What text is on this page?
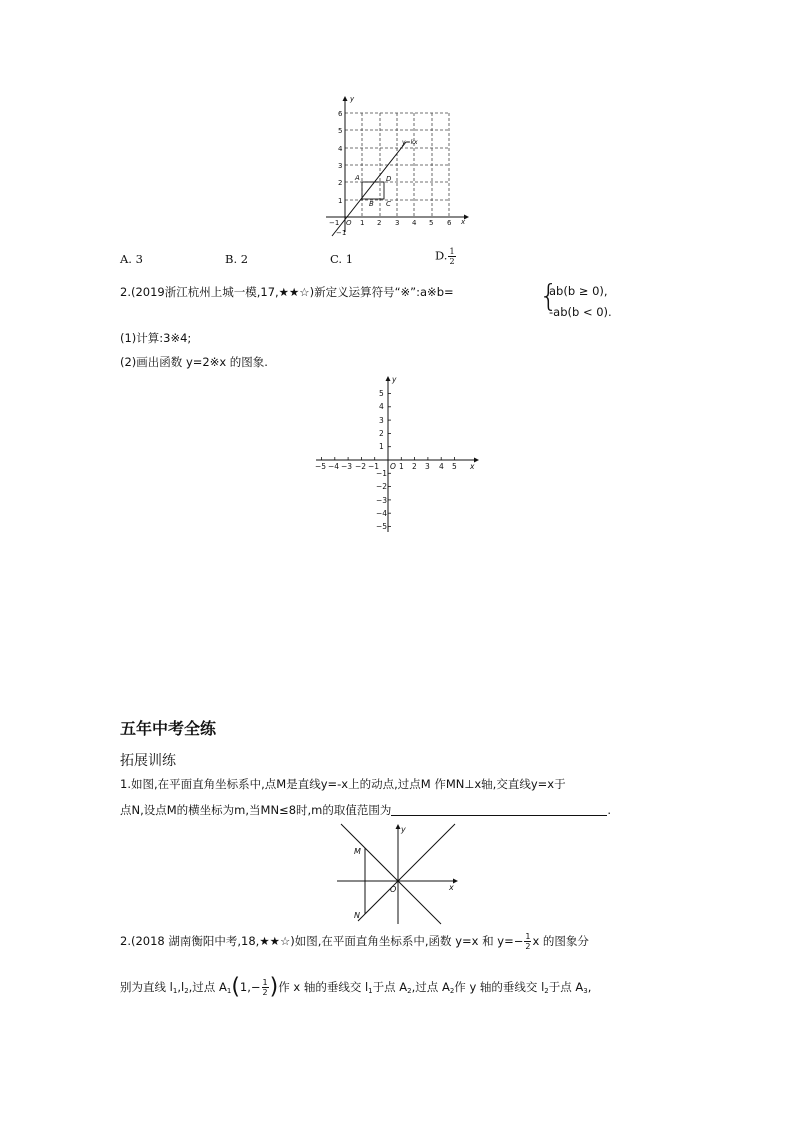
y
x
y=kx
6
5
4
3
2
1
−1
−1 O 1 2 3 4 5 6
A
B C
D
A. 3	B. 2	C. 1	D. $\frac{1}{2}$
2.(2019浙江杭州上城一模,17,★★☆)新定义运算符号“※”:a※b=	{
ab(b ≥ 0),
-ab(b < 0).
(1)计算:3※4;
(2)画出函数 y=2※x 的图象.
y
x
O
−5 −4 −3 −2 −1	1 2 3 4 5
5
4
3
2
1
−1
−2
−3
−4
−5
五年中考全练
拓展训练
1.如图,在平面直角坐标系中,点M是直线y=-x上的动点,过点M 作MN⊥x轴,交直线y=x于
点N,设点M的横坐标为m,当MN≤8时,m的取值范围为	.
M
N
O	x
y
2.(2018 湖南衡阳中考,18,★★☆)如图,在平面直角坐标系中,函数 y=x 和 $y=- \frac{1}{2}$ x 的图象分
别为直线 $l_1,l_2$,过点 $A_1(1,- \frac{1}{2}$ )作 x 轴的垂线交 $l_1$于点 $A_2$,过点 $A_2$作 y 轴的垂线交 $l_2$于点 $A_3$,
